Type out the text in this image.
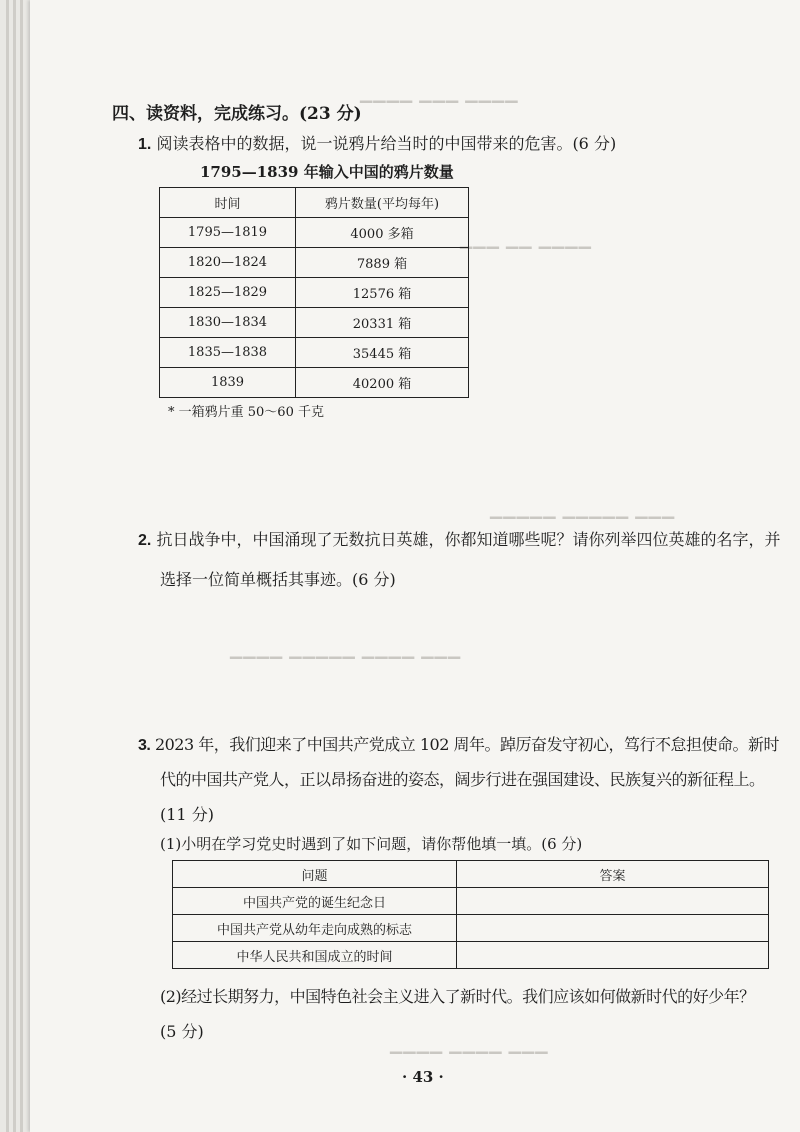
▁▁▁▁ ▁▁▁ ▁▁▁▁
▁▁▁ ▁▁ ▁▁▁▁
▁▁▁▁▁ ▁▁▁▁▁ ▁▁▁
▁▁▁▁ ▁▁▁▁▁ ▁▁▁▁ ▁▁▁
▁▁▁▁ ▁▁▁▁ ▁▁▁
四、读资料，完成练习。(23 分)
1. 阅读表格中的数据，说一说鸦片给当时的中国带来的危害。(6 分)
1795—1839 年输入中国的鸦片数量
时间	鸦片数量(平均每年)
1795—1819	4000 多箱
1820—1824	7889 箱
1825—1829	12576 箱
1830—1834	20331 箱
1835—1838	35445 箱
1839	40200 箱
* 一箱鸦片重 50～60 千克
2. 抗日战争中，中国涌现了无数抗日英雄，你都知道哪些呢？请你列举四位英雄的名字，并
选择一位简单概括其事迹。(6 分)
3. 2023 年，我们迎来了中国共产党成立 102 周年。踔厉奋发守初心，笃行不怠担使命。新时
代的中国共产党人，正以昂扬奋进的姿态，阔步行进在强国建设、民族复兴的新征程上。
(11 分)
(1)小明在学习党史时遇到了如下问题，请你帮他填一填。(6 分)
问题	答案
中国共产党的诞生纪念日	
中国共产党从幼年走向成熟的标志	
中华人民共和国成立的时间	
(2)经过长期努力，中国特色社会主义进入了新时代。我们应该如何做新时代的好少年？
(5 分)
· 43 ·
